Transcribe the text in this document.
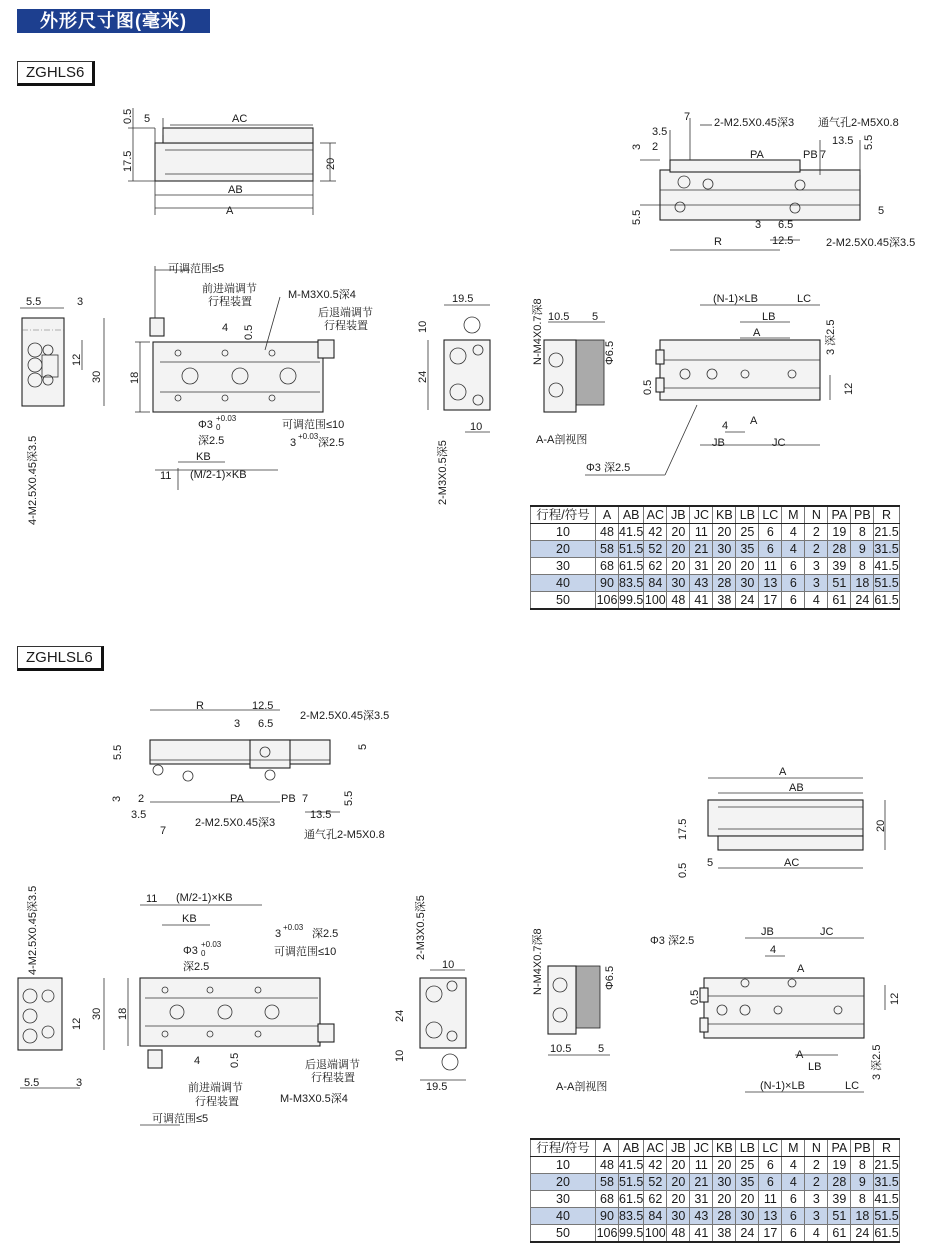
外形尺寸图(毫米)
ZGHLS6
ZGHLSL6
5	AC
AB
A
0.5
17.5	20
7
3.5
2
2-M2.5X0.45深3 通气孔2-M5X0.8
PA	PB 7
13.5
3
5.5
5.5
5
3 6.5
R	12.5	2-M2.5X0.45深3.5
5.5	3
12
30
4-M2.5X0.45深3.5
可调范围≤5
前进端调节
行程装置
M-M3X0.5深4
后退端调节
行程装置
4 0.5
18
Φ3
+0.03
0
深2.5
可调范围≤10
3
+0.03
深2.5
KB
11 (M/2-1)×KB
19.5
10
24
10
2-M3X0.5深5
N-M4X0.7深8 10.5 5
Φ6.5
A-A剖视图
(N-1)×LB	LC
LB
A
0.5
3 深2.5
12
4 A
JB	JC
Φ3 深2.5
R	12.5
3 6.5
2-M2.5X0.45深3.5
5.5
3
5
2	PA	PB 7	5.5
3.5	13.5
7
2-M2.5X0.45深3
通气孔2-M5X0.8
A
AB
AC
5
17.5
0.5
20
4-M2.5X0.45深3.5
12
30
5.5	3
11 (M/2-1)×KB
KB
Φ3
+0.03
0
深2.5
3
+0.03
深2.5
可调范围≤10
18
4	0.5
前进端调节
行程装置
后退端调节
行程装置
M-M3X0.5深4
可调范围≤5
2-M3X0.5深5
10
24
10
19.5
N-M4X0.7深8	Φ6.5
10.5 5
A-A剖视图
Φ3 深2.5
JB	JC
4
A
0.5	12
3 深2.5
A
LB
(N-1)×LB	LC
行程/符号	A	AB	AC	JB	JC	KB	LB	LC	M	N	PA	PB	R
10	48	41.5	42	20	11	20	25	6	4	2	19	8	21.5
20	58	51.5	52	20	21	30	35	6	4	2	28	9	31.5
30	68	61.5	62	20	31	20	20	11	6	3	39	8	41.5
40	90	83.5	84	30	43	28	30	13	6	3	51	18	51.5
50	106	99.5	100	48	41	38	24	17	6	4	61	24	61.5
行程/符号	A	AB	AC	JB	JC	KB	LB	LC	M	N	PA	PB	R
10	48	41.5	42	20	11	20	25	6	4	2	19	8	21.5
20	58	51.5	52	20	21	30	35	6	4	2	28	9	31.5
30	68	61.5	62	20	31	20	20	11	6	3	39	8	41.5
40	90	83.5	84	30	43	28	30	13	6	3	51	18	51.5
50	106	99.5	100	48	41	38	24	17	6	4	61	24	61.5
